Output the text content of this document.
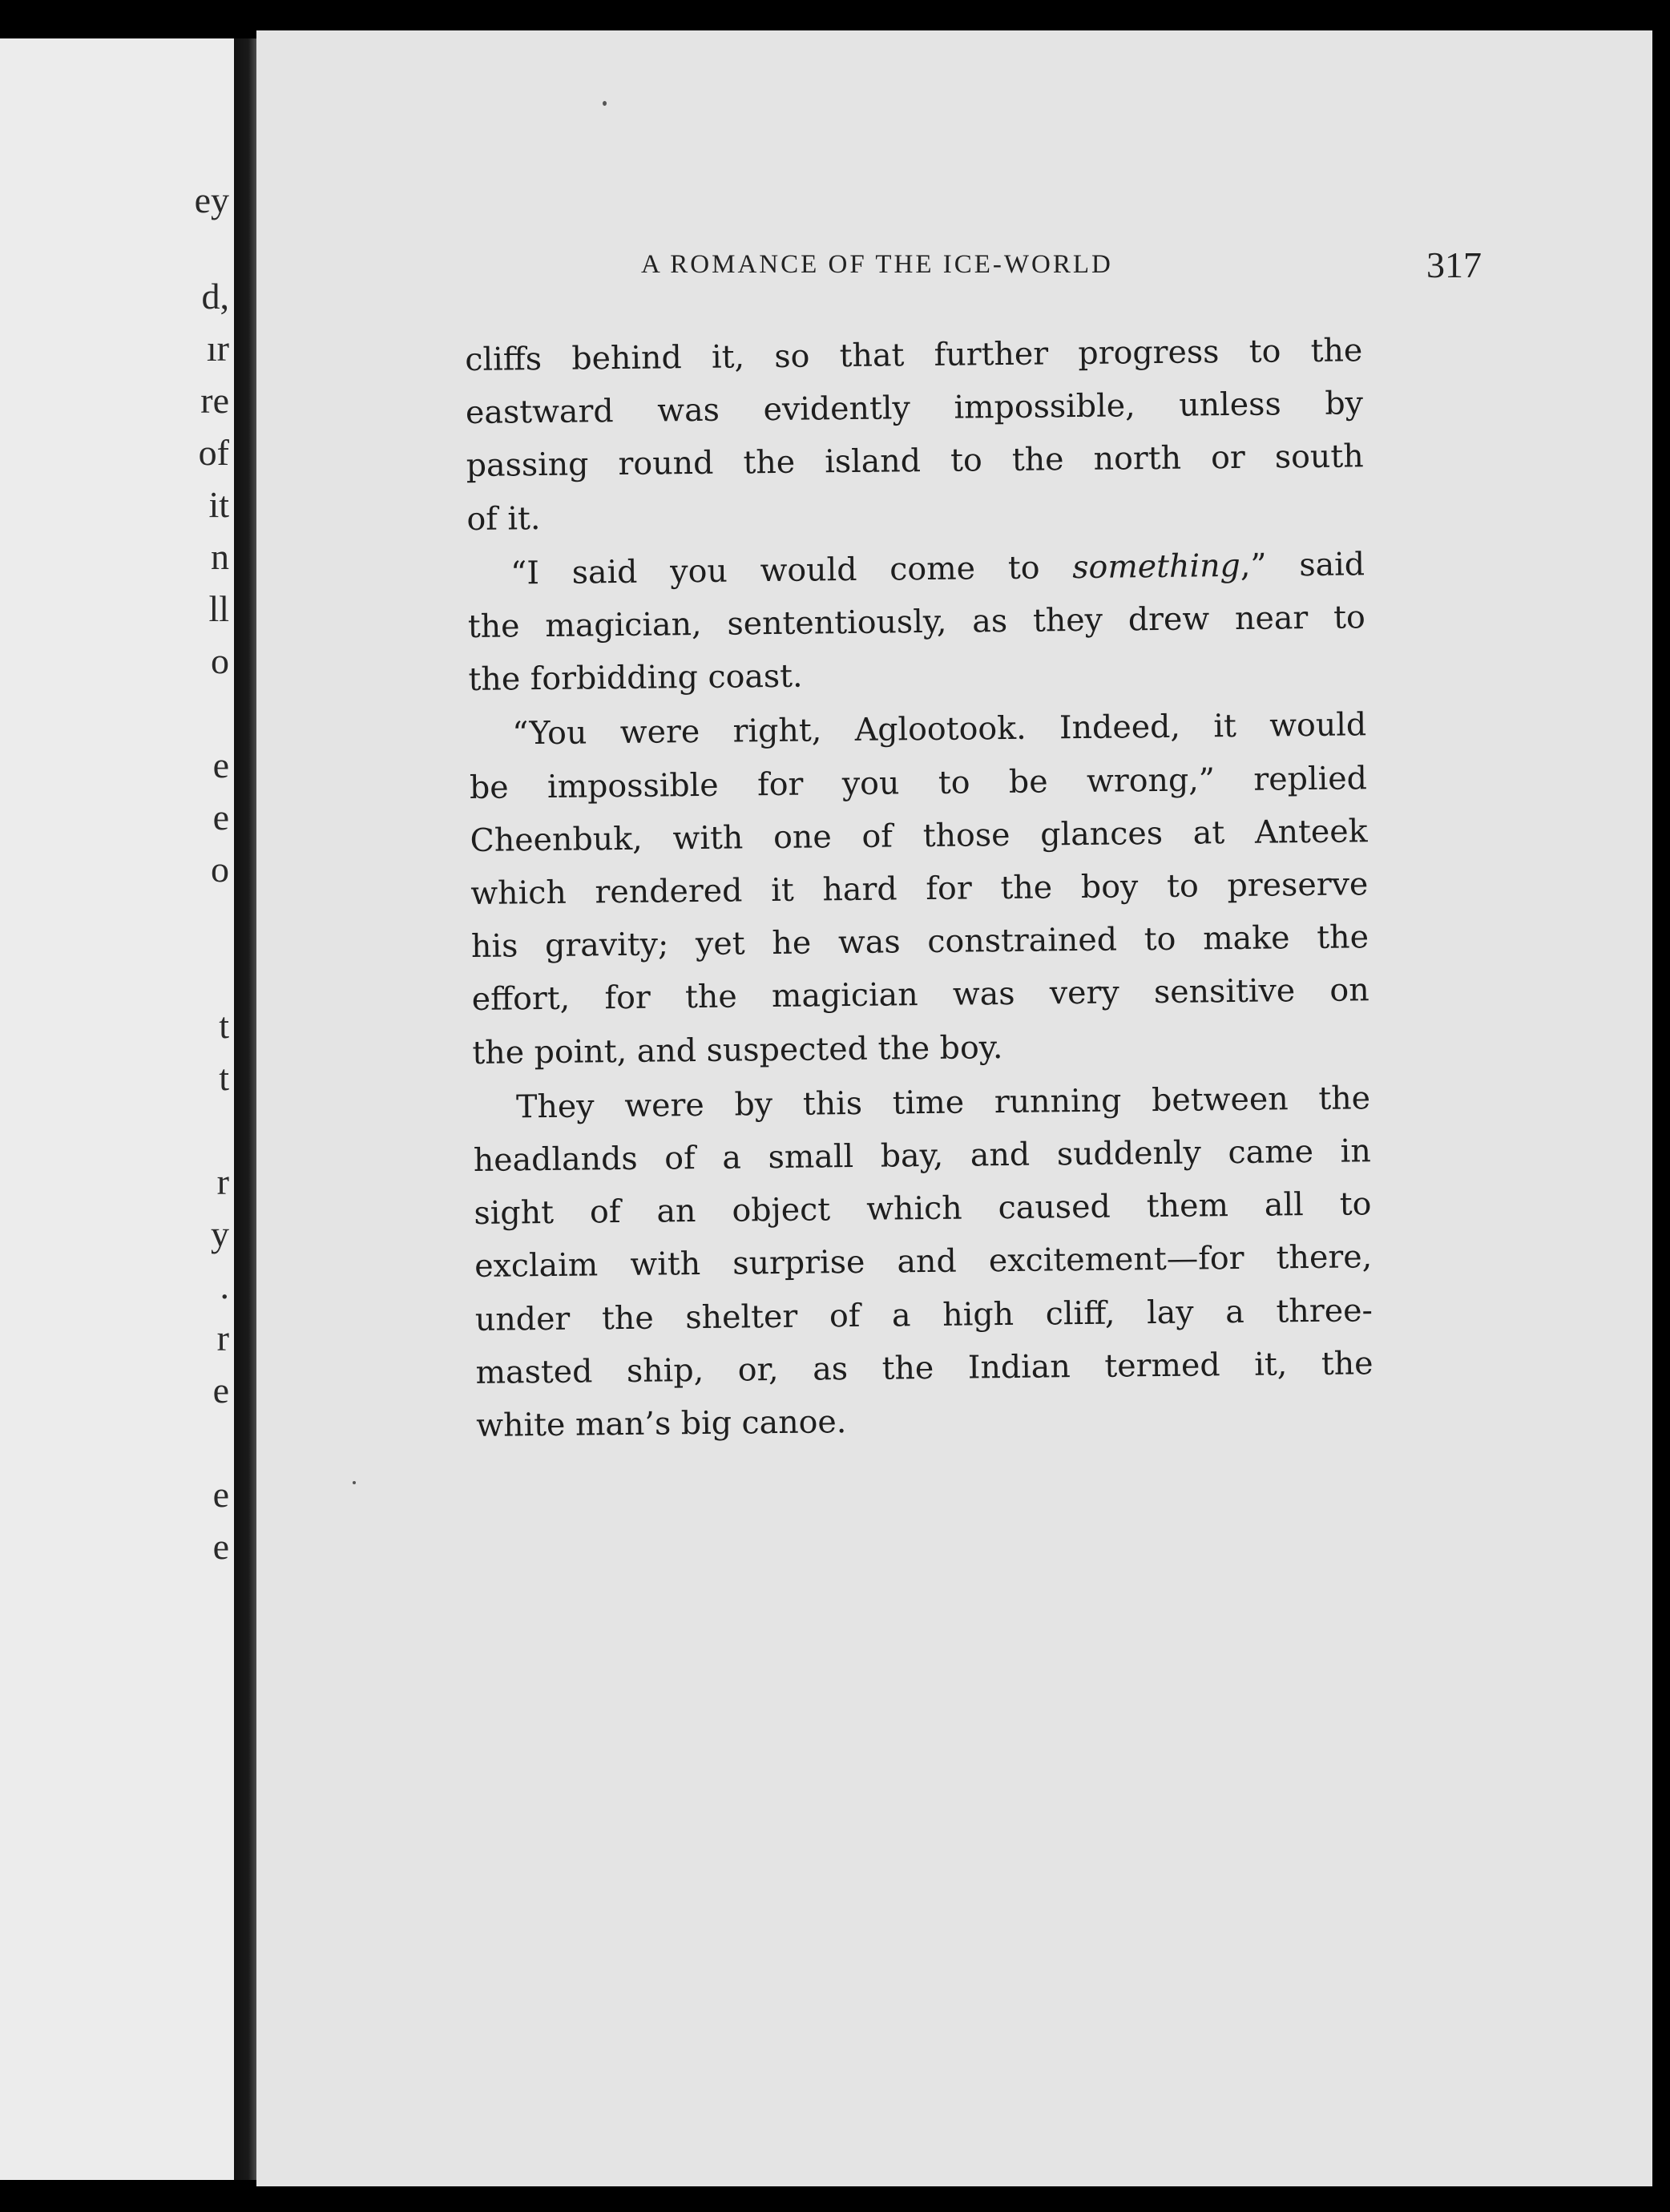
ey
d,
ır
re
of
it
n
ll
o
e
e
o
t
t
r
y
.
r
e
e
e
A ROMANCE OF THE ICE-WORLD	317
cliffs behind it, so that further progress to the
eastward was evidently impossible, unless by
passing round the island to the north or south
of it.
“I said you would come to something,” said
the magician, sententiously, as they drew near to
the forbidding coast.
“You were right, Aglootook. Indeed, it would
be impossible for you to be wrong,” replied
Cheenbuk, with one of those glances at Anteek
which rendered it hard for the boy to preserve
his gravity; yet he was constrained to make the
effort, for the magician was very sensitive on
the point, and suspected the boy.
They were by this time running between the
headlands of a small bay, and suddenly came in
sight of an object which caused them all to
exclaim with surprise and excitement—for there,
under the shelter of a high cliff, lay a three-
masted ship, or, as the Indian termed it, the
white man’s big canoe.
